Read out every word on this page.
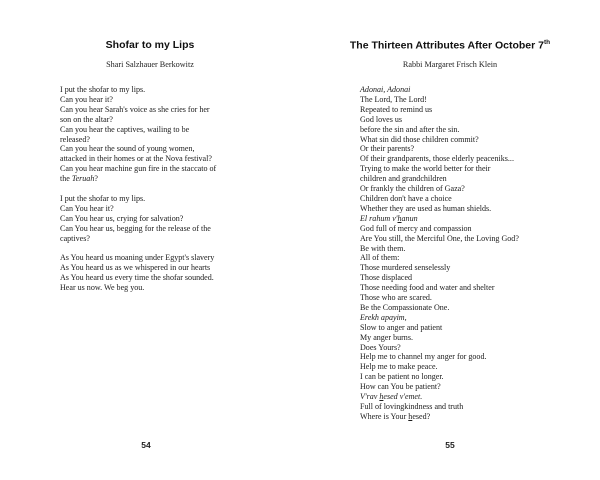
Shofar to my Lips

Shari Salzhauer Berkowitz

I put the shofar to my lips.
Can you hear it?
Can you hear Sarah's voice as she cries for her
son on the altar?
Can you hear the captives, wailing to be
released?
Can you hear the sound of young women,
attacked in their homes or at the Nova festival?
Can you hear machine gun fire in the staccato of
the Teruah?
I put the shofar to my lips.
Can You hear it?
Can You hear us, crying for salvation?
Can You hear us, begging for the release of the
captives?
As You heard us moaning under Egypt's slavery
As You heard us as we whispered in our hearts
As You heard us every time the shofar sounded.
Hear us now. We beg you.

54

The Thirteen Attributes After October 7th

Rabbi Margaret Frisch Klein

Adonai, Adonai
The Lord, The Lord!
Repeated to remind us
God loves us
before the sin and after the sin.
What sin did those children commit?
Or their parents?
Of their grandparents, those elderly peaceniks...
Trying to make the world better for their
children and grandchildren
Or frankly the children of Gaza?
Children don't have a choice
Whether they are used as human shields.
El rahum v'hanun
God full of mercy and compassion
Are You still, the Merciful One, the Loving God?
Be with them.
All of them:
Those murdered senselessly
Those displaced
Those needing food and water and shelter
Those who are scared.
Be the Compassionate One.
Erekh apayim,
Slow to anger and patient
My anger burns.
Does Yours?
Help me to channel my anger for good.
Help me to make peace.
I can be patient no longer.
How can You be patient?
V'rav hesed v'emet.
Full of lovingkindness and truth
Where is Your hesed?

55
